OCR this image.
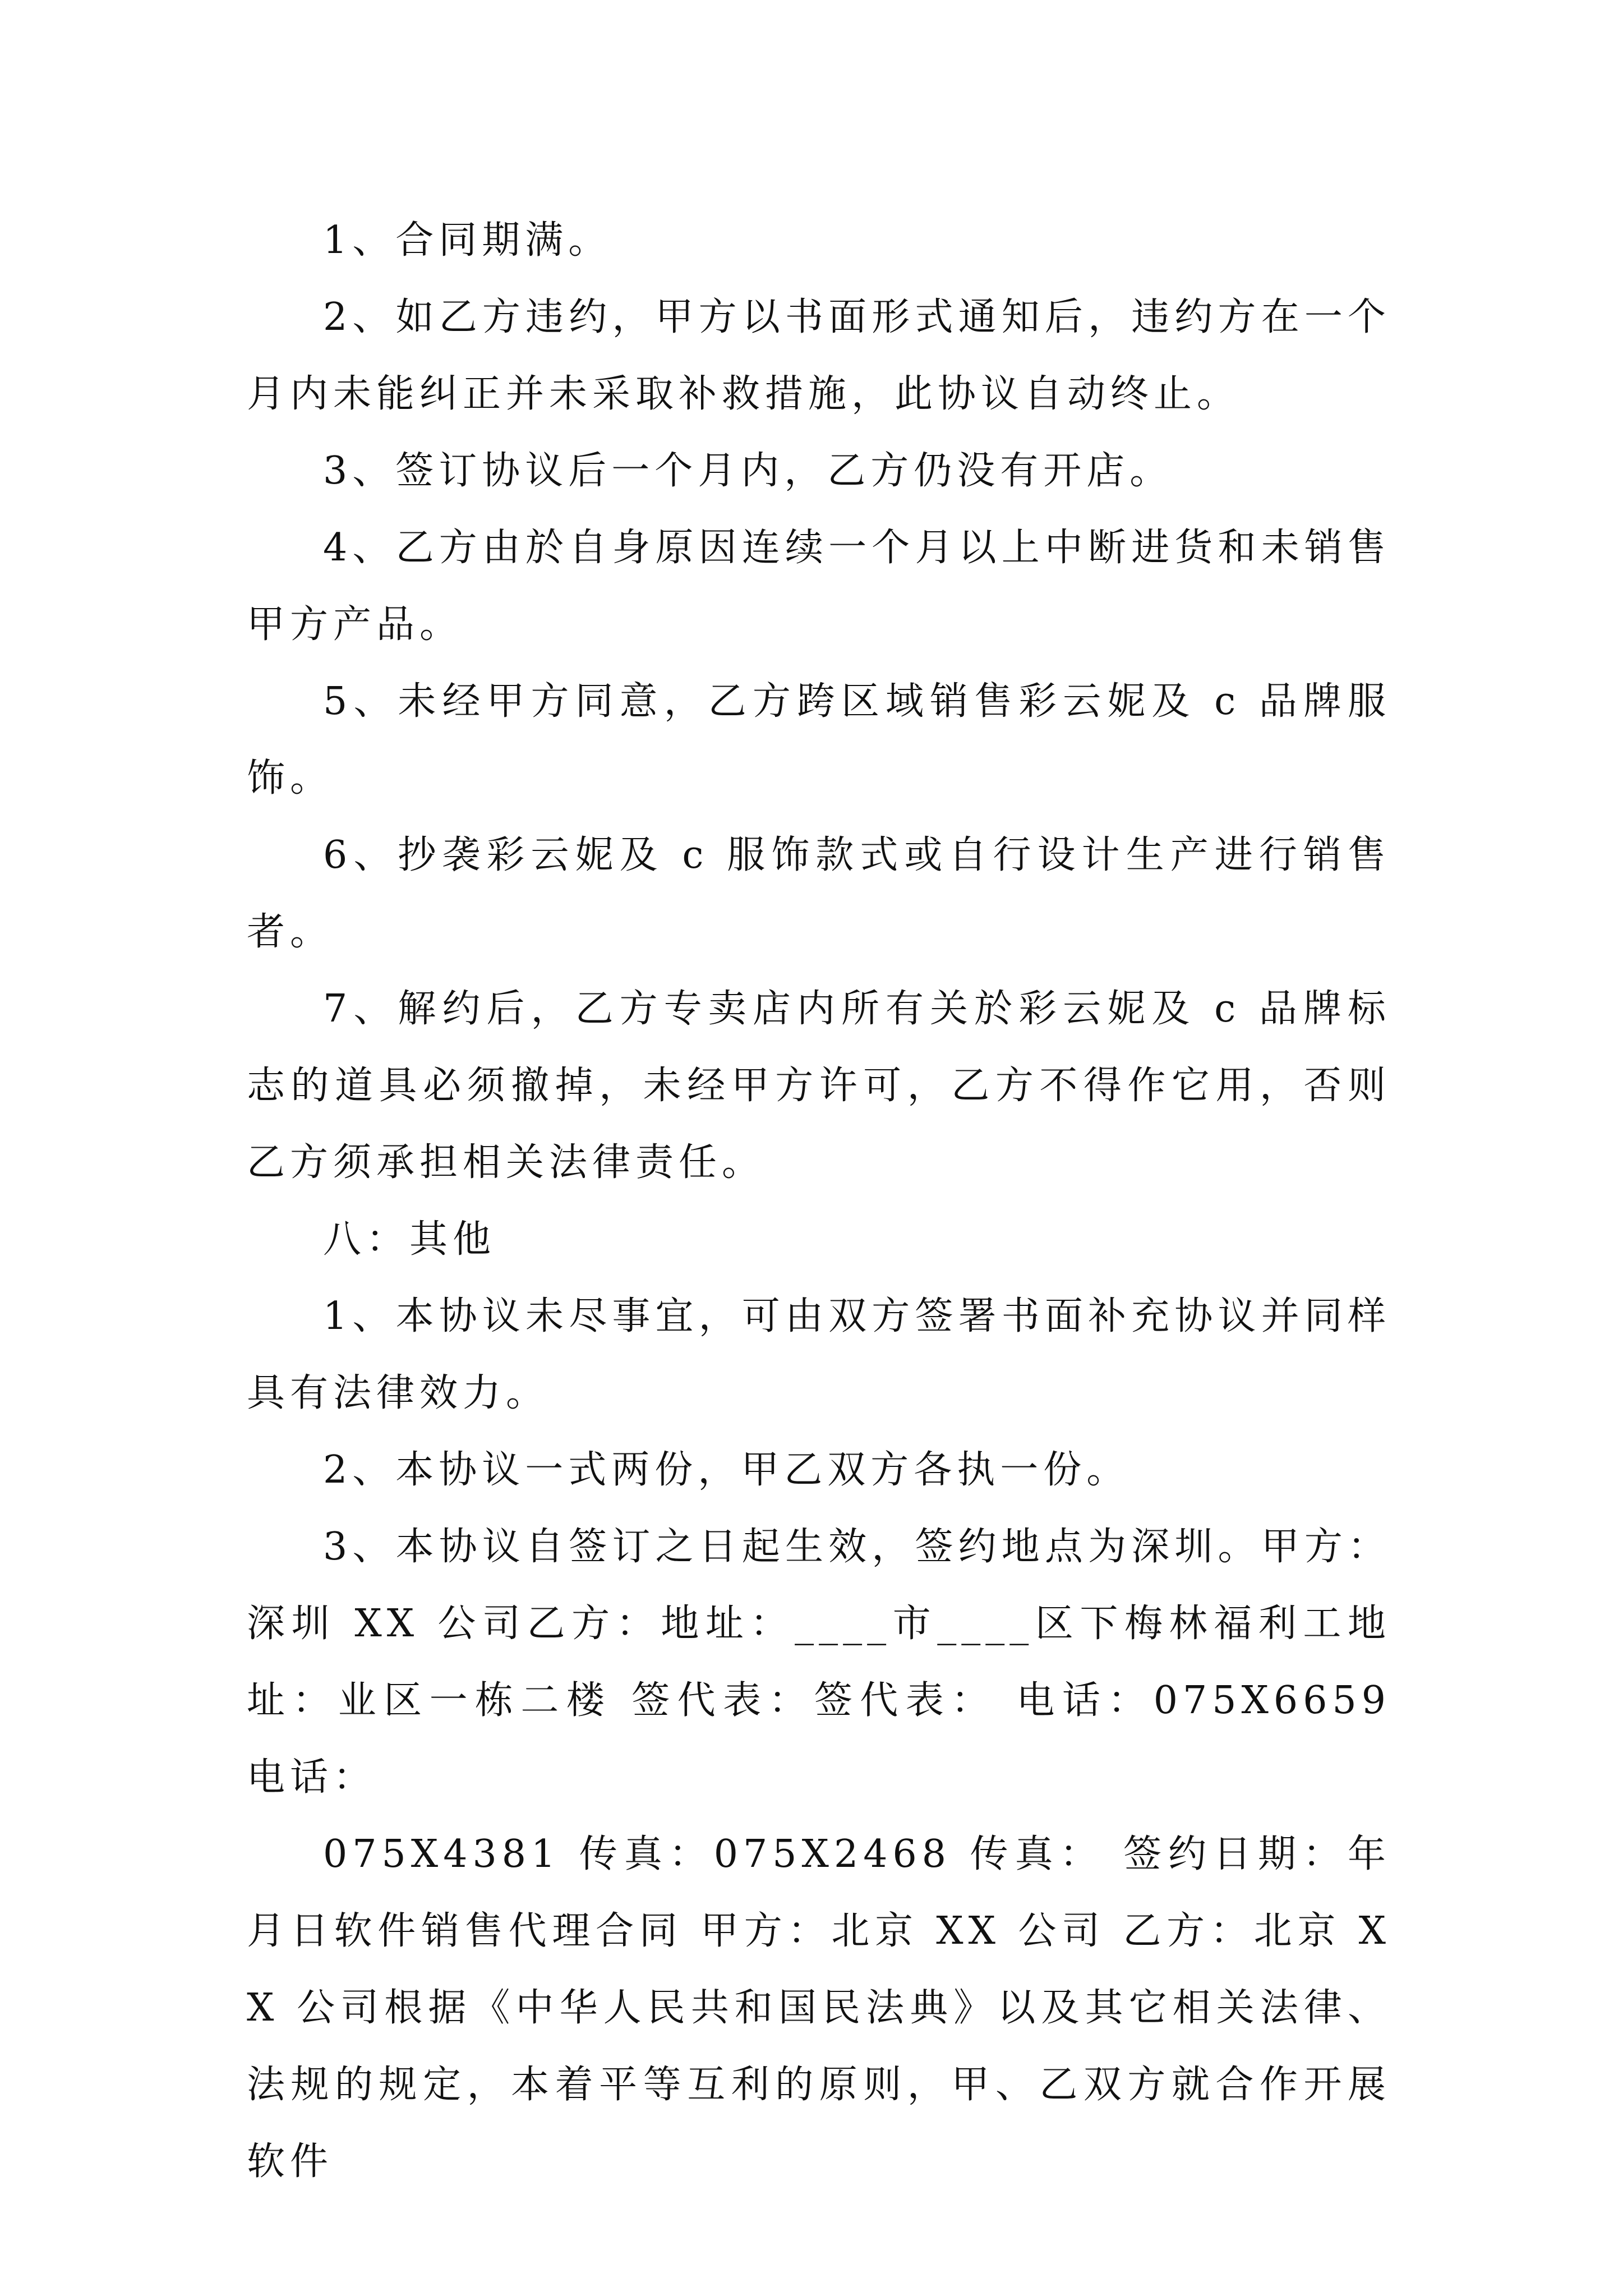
1、合同期满。

2、如乙方违约，甲方以书面形式通知后，违约方在一个月内未能纠正并未采取补救措施，此协议自动终止。

3、签订协议后一个月内，乙方仍没有开店。

4、乙方由於自身原因连续一个月以上中断进货和未销售甲方产品。

5、未经甲方同意，乙方跨区域销售彩云妮及 c 品牌服饰。

6、抄袭彩云妮及 c 服饰款式或自行设计生产进行销售者。

7、解约后，乙方专卖店内所有关於彩云妮及 c 品牌标志的道具必须撤掉，未经甲方许可，乙方不得作它用，否则乙方须承担相关法律责任。

八：其他

1、本协议未尽事宜，可由双方签署书面补充协议并同样具有法律效力。

2、本协议一式两份，甲乙双方各执一份。

3、本协议自签订之日起生效，签约地点为深圳。甲方：深圳 XX 公司乙方：地址：____市____区下梅林福利工地址：业区一栋二楼 签代表：签代表： 电话：075X6659 电话：

075X4381 传真：075X2468 传真： 签约日期：年月日软件销售代理合同 甲方：北京 XX 公司 乙方：北京 XX 公司根据《中华人民共和国民法典》以及其它相关法律、法规的规定，本着平等互利的原则，甲、乙双方就合作开展 软件
